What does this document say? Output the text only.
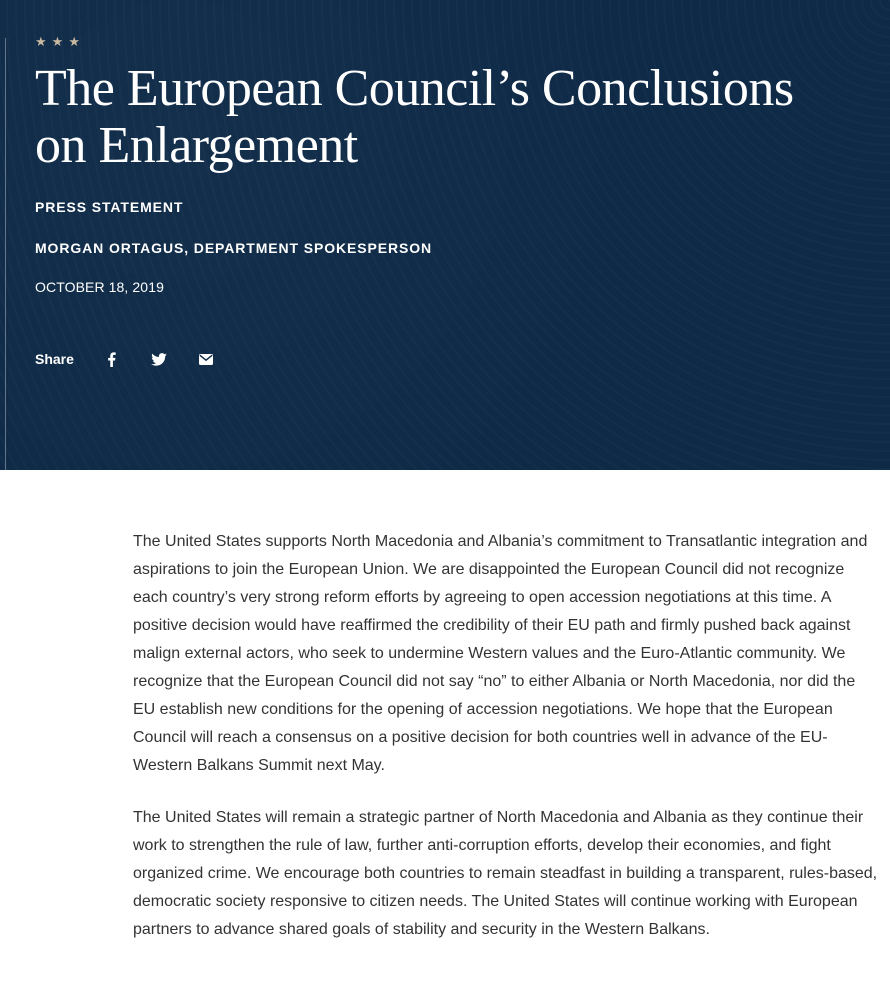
★ ★ ★
The European Council’s Conclusions on Enlargement
PRESS STATEMENT
MORGAN ORTAGUS, DEPARTMENT SPOKESPERSON
OCTOBER 18, 2019
Share

The United States supports North Macedonia and Albania’s commitment to Transatlantic integration and aspirations to join the European Union. We are disappointed the European Council did not recognize each country’s very strong reform efforts by agreeing to open accession negotiations at this time. A positive decision would have reaffirmed the credibility of their EU path and firmly pushed back against malign external actors, who seek to undermine Western values and the Euro-Atlantic community. We recognize that the European Council did not say “no” to either Albania or North Macedonia, nor did the EU establish new conditions for the opening of accession negotiations. We hope that the European Council will reach a consensus on a positive decision for both countries well in advance of the EU-Western Balkans Summit next May.

The United States will remain a strategic partner of North Macedonia and Albania as they continue their work to strengthen the rule of law, further anti-corruption efforts, develop their economies, and fight organized crime. We encourage both countries to remain steadfast in building a transparent, rules-based, democratic society responsive to citizen needs. The United States will continue working with European partners to advance shared goals of stability and security in the Western Balkans.
